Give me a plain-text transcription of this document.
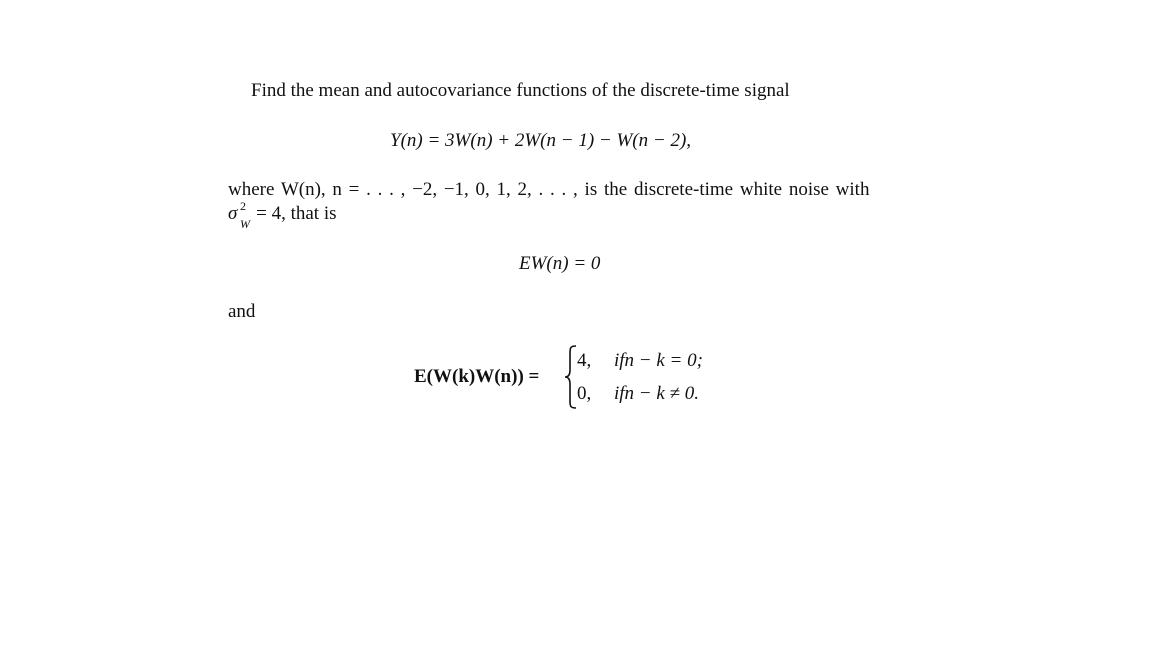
Find the mean and autocovariance functions of the discrete-time signal
Y(n) = 3W(n) + 2W(n − 1) − W(n − 2),
where W(n), n = . . . , −2, −1, 0, 1, 2, . . . , is the discrete-time white noise with
σ 2
W = 4, that is
EW(n) = 0
and
E(W(k)W(n)) =
4, ifn − k = 0;
0, ifn − k ≠ 0.
